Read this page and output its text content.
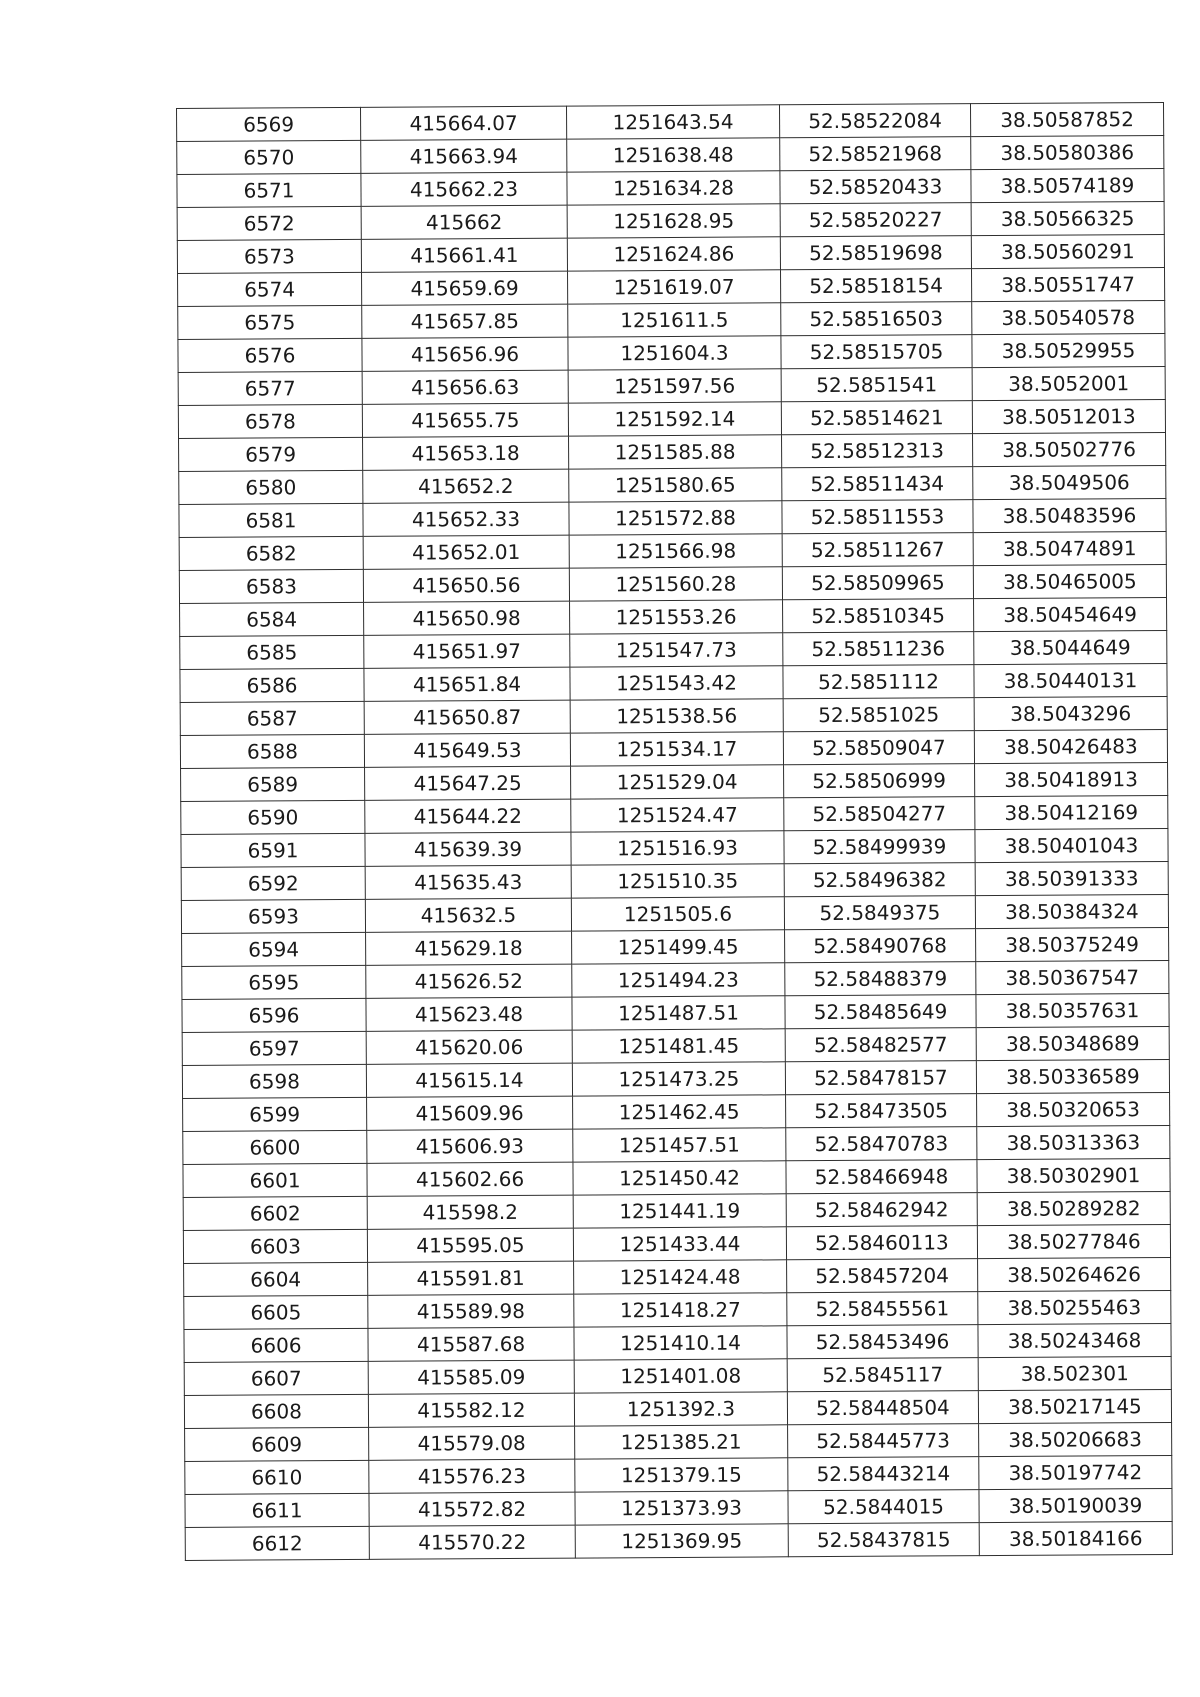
6569	415664.07	1251643.54	52.58522084	38.50587852
6570	415663.94	1251638.48	52.58521968	38.50580386
6571	415662.23	1251634.28	52.58520433	38.50574189
6572	415662	1251628.95	52.58520227	38.50566325
6573	415661.41	1251624.86	52.58519698	38.50560291
6574	415659.69	1251619.07	52.58518154	38.50551747
6575	415657.85	1251611.5	52.58516503	38.50540578
6576	415656.96	1251604.3	52.58515705	38.50529955
6577	415656.63	1251597.56	52.5851541	38.5052001
6578	415655.75	1251592.14	52.58514621	38.50512013
6579	415653.18	1251585.88	52.58512313	38.50502776
6580	415652.2	1251580.65	52.58511434	38.5049506
6581	415652.33	1251572.88	52.58511553	38.50483596
6582	415652.01	1251566.98	52.58511267	38.50474891
6583	415650.56	1251560.28	52.58509965	38.50465005
6584	415650.98	1251553.26	52.58510345	38.50454649
6585	415651.97	1251547.73	52.58511236	38.5044649
6586	415651.84	1251543.42	52.5851112	38.50440131
6587	415650.87	1251538.56	52.5851025	38.5043296
6588	415649.53	1251534.17	52.58509047	38.50426483
6589	415647.25	1251529.04	52.58506999	38.50418913
6590	415644.22	1251524.47	52.58504277	38.50412169
6591	415639.39	1251516.93	52.58499939	38.50401043
6592	415635.43	1251510.35	52.58496382	38.50391333
6593	415632.5	1251505.6	52.5849375	38.50384324
6594	415629.18	1251499.45	52.58490768	38.50375249
6595	415626.52	1251494.23	52.58488379	38.50367547
6596	415623.48	1251487.51	52.58485649	38.50357631
6597	415620.06	1251481.45	52.58482577	38.50348689
6598	415615.14	1251473.25	52.58478157	38.50336589
6599	415609.96	1251462.45	52.58473505	38.50320653
6600	415606.93	1251457.51	52.58470783	38.50313363
6601	415602.66	1251450.42	52.58466948	38.50302901
6602	415598.2	1251441.19	52.58462942	38.50289282
6603	415595.05	1251433.44	52.58460113	38.50277846
6604	415591.81	1251424.48	52.58457204	38.50264626
6605	415589.98	1251418.27	52.58455561	38.50255463
6606	415587.68	1251410.14	52.58453496	38.50243468
6607	415585.09	1251401.08	52.5845117	38.502301
6608	415582.12	1251392.3	52.58448504	38.50217145
6609	415579.08	1251385.21	52.58445773	38.50206683
6610	415576.23	1251379.15	52.58443214	38.50197742
6611	415572.82	1251373.93	52.5844015	38.50190039
6612	415570.22	1251369.95	52.58437815	38.50184166
